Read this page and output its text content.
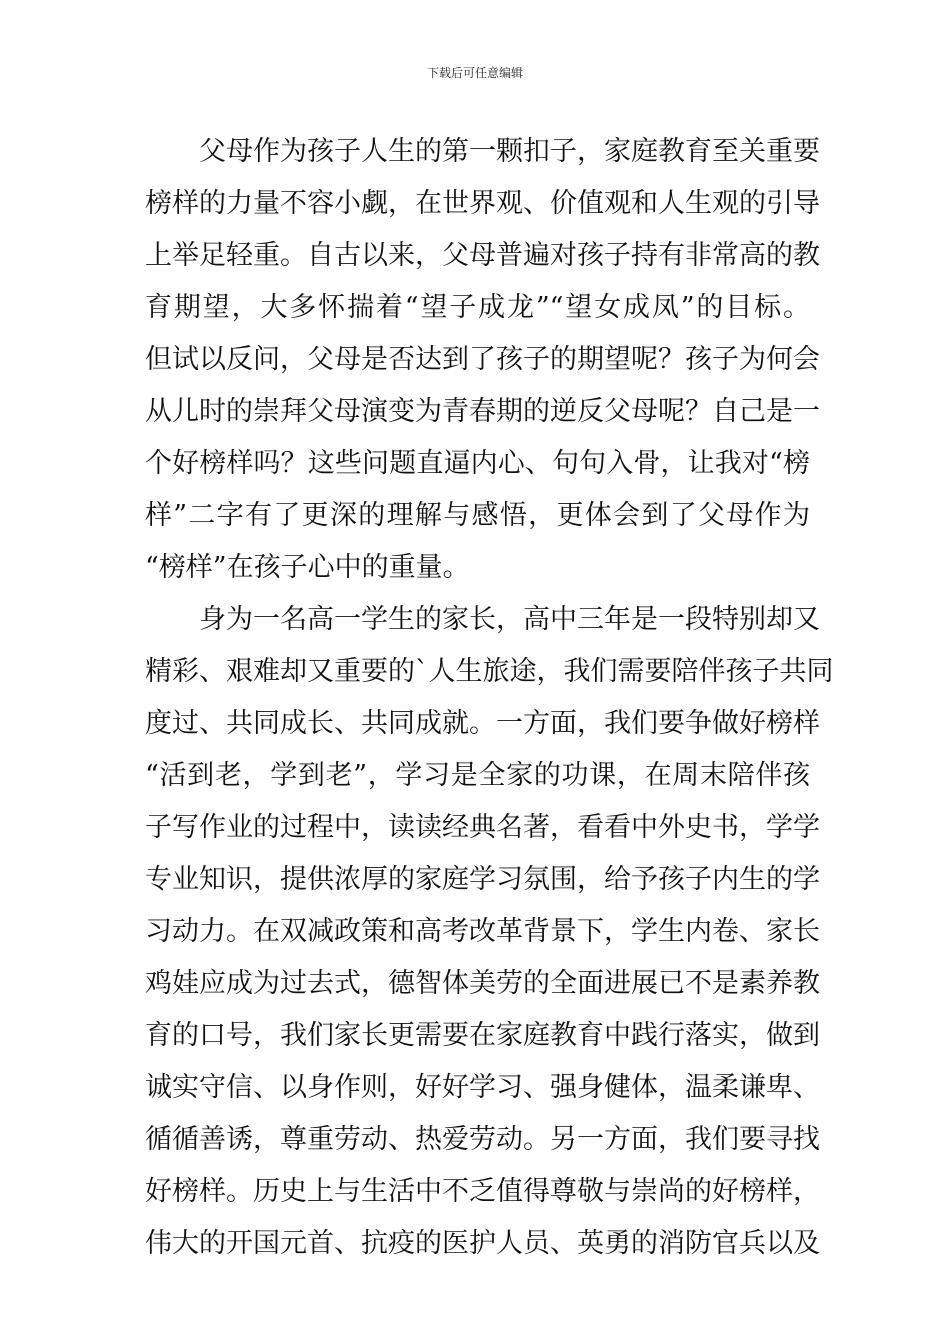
下载后可任意编辑
父母作为孩子人生的第一颗扣子，家庭教育至关重要
榜样的力量不容小觑，在世界观、价值观和人生观的引导
上举足轻重。自古以来，父母普遍对孩子持有非常高的教
育期望，大多怀揣着“望子成龙”“望女成凤”的目标。
但试以反问，父母是否达到了孩子的期望呢？孩子为何会
从儿时的崇拜父母演变为青春期的逆反父母呢？自己是一
个好榜样吗？这些问题直逼内心、句句入骨，让我对“榜
样”二字有了更深的理解与感悟，更体会到了父母作为
“榜样”在孩子心中的重量。
身为一名高一学生的家长，高中三年是一段特别却又
精彩、艰难却又重要的`人生旅途，我们需要陪伴孩子共同
度过、共同成长、共同成就。一方面，我们要争做好榜样
“活到老，学到老”，学习是全家的功课，在周末陪伴孩
子写作业的过程中，读读经典名著，看看中外史书，学学
专业知识，提供浓厚的家庭学习氛围，给予孩子内生的学
习动力。在双减政策和高考改革背景下，学生内卷、家长
鸡娃应成为过去式，德智体美劳的全面进展已不是素养教
育的口号，我们家长更需要在家庭教育中践行落实，做到
诚实守信、以身作则，好好学习、强身健体，温柔谦卑、
循循善诱，尊重劳动、热爱劳动。另一方面，我们要寻找
好榜样。历史上与生活中不乏值得尊敬与崇尚的好榜样，
伟大的开国元首、抗疫的医护人员、英勇的消防官兵以及
